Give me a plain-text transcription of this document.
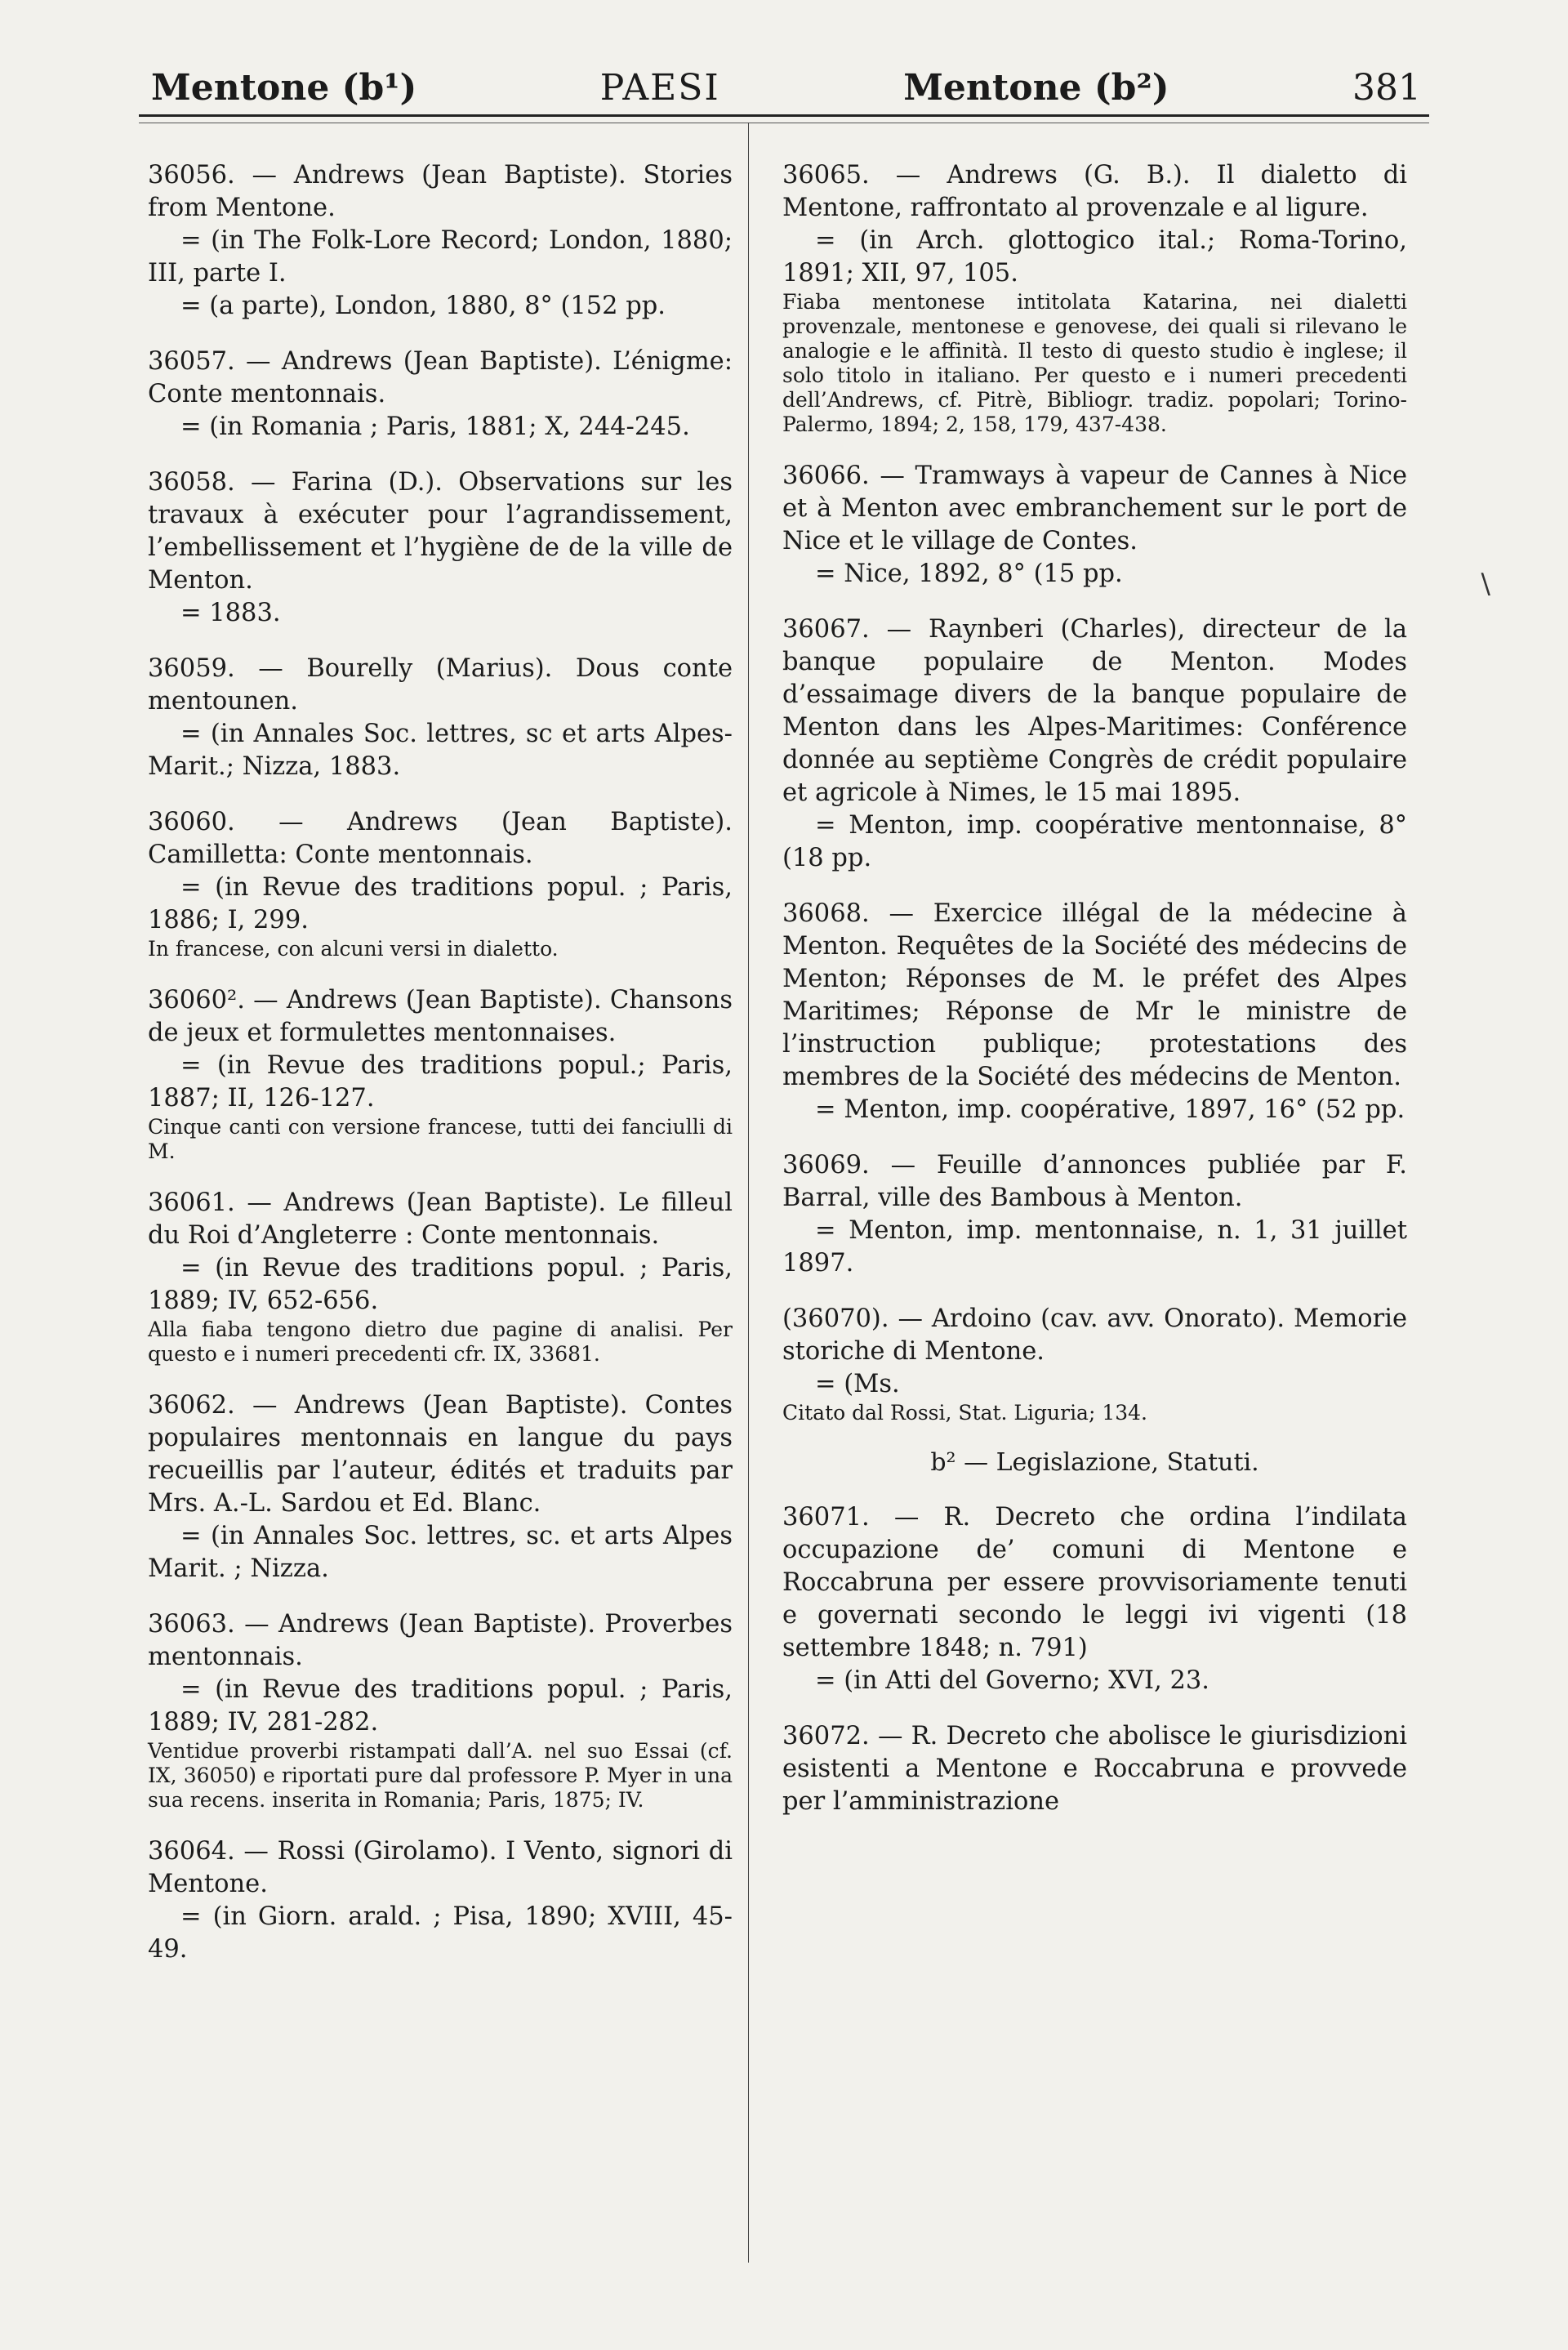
Mentone (b¹)	PAESI	Mentone (b²)	381

36056. — Andrews (Jean Baptiste). Stories from Mentone.

= (in The Folk-Lore Record; London, 1880; III, parte I.

= (a parte), London, 1880, 8° (152 pp.

36057. — Andrews (Jean Baptiste). L’énigme: Conte mentonnais.

= (in Romania ; Paris, 1881; X, 244-245.

36058. — Farina (D.). Observations sur les travaux à exécuter pour l’agrandissement, l’embellissement et l’hygiène de de la ville de Menton.

= 1883.

36059. — Bourelly (Marius). Dous conte mentounen.

= (in Annales Soc. lettres, sc et arts Alpes-Marit.; Nizza, 1883.

36060. — Andrews (Jean Baptiste). Camilletta: Conte mentonnais.

= (in Revue des traditions popul. ; Paris, 1886; I, 299.

In francese, con alcuni versi in dialetto.

36060². — Andrews (Jean Baptiste). Chansons de jeux et formulettes mentonnaises.

= (in Revue des traditions popul.; Paris, 1887; II, 126-127.

Cinque canti con versione francese, tutti dei fanciulli di M.

36061. — Andrews (Jean Baptiste). Le filleul du Roi d’Angleterre : Conte mentonnais.

= (in Revue des traditions popul. ; Paris, 1889; IV, 652-656.

Alla fiaba tengono dietro due pagine di analisi. Per questo e i numeri precedenti cfr. IX, 33681.

36062. — Andrews (Jean Baptiste). Contes populaires mentonnais en langue du pays recueillis par l’auteur, édités et traduits par Mrs. A.-L. Sardou et Ed. Blanc.

= (in Annales Soc. lettres, sc. et arts Alpes Marit. ; Nizza.

36063. — Andrews (Jean Baptiste). Proverbes mentonnais.

= (in Revue des traditions popul. ; Paris, 1889; IV, 281-282.

Ventidue proverbi ristampati dall’A. nel suo Essai (cf. IX, 36050) e riportati pure dal professore P. Myer in una sua recens. inserita in Romania; Paris, 1875; IV.

36064. — Rossi (Girolamo). I Vento, signori di Mentone.

= (in Giorn. arald. ; Pisa, 1890; XVIII, 45-49.

36065. — Andrews (G. B.). Il dialetto di Mentone, raffrontato al provenzale e al ligure.

= (in Arch. glottogico ital.; Roma-Torino, 1891; XII, 97, 105.

Fiaba mentonese intitolata Katarina, nei dialetti provenzale, mentonese e genovese, dei quali si rilevano le analogie e le affinità. Il testo di questo studio è inglese; il solo titolo in italiano. Per questo e i numeri precedenti dell’Andrews, cf. Pitrè, Bibliogr. tradiz. popolari; Torino-Palermo, 1894; 2, 158, 179, 437-438.

36066. — Tramways à vapeur de Cannes à Nice et à Menton avec embranchement sur le port de Nice et le village de Contes.

= Nice, 1892, 8° (15 pp.

36067. — Raynberi (Charles), directeur de la banque populaire de Menton. Modes d’essaimage divers de la banque populaire de Menton dans les Alpes-Maritimes: Conférence donnée au septième Congrès de crédit populaire et agricole à Nimes, le 15 mai 1895.

= Menton, imp. coopérative mentonnaise, 8° (18 pp.

36068. — Exercice illégal de la médecine à Menton. Requêtes de la Société des médecins de Menton; Réponses de M. le préfet des Alpes Maritimes; Réponse de Mr le ministre de l’instruction publique; protestations des membres de la Société des médecins de Menton.

= Menton, imp. coopérative, 1897, 16° (52 pp.

36069. — Feuille d’annonces publiée par F. Barral, ville des Bambous à Menton.

= Menton, imp. mentonnaise, n. 1, 31 juillet 1897.

(36070). — Ardoino (cav. avv. Onorato). Memorie storiche di Mentone.

= (Ms.

Citato dal Rossi, Stat. Liguria; 134.

b² — Legislazione, Statuti.

36071. — R. Decreto che ordina l’indilata occupazione de’ comuni di Mentone e Roccabruna per essere provvisoriamente tenuti e governati secondo le leggi ivi vigenti (18 settembre 1848; n. 791)

= (in Atti del Governo; XVI, 23.

36072. — R. Decreto che abolisce le giurisdizioni esistenti a Mentone e Roccabruna e provvede per l’amministrazione

\
